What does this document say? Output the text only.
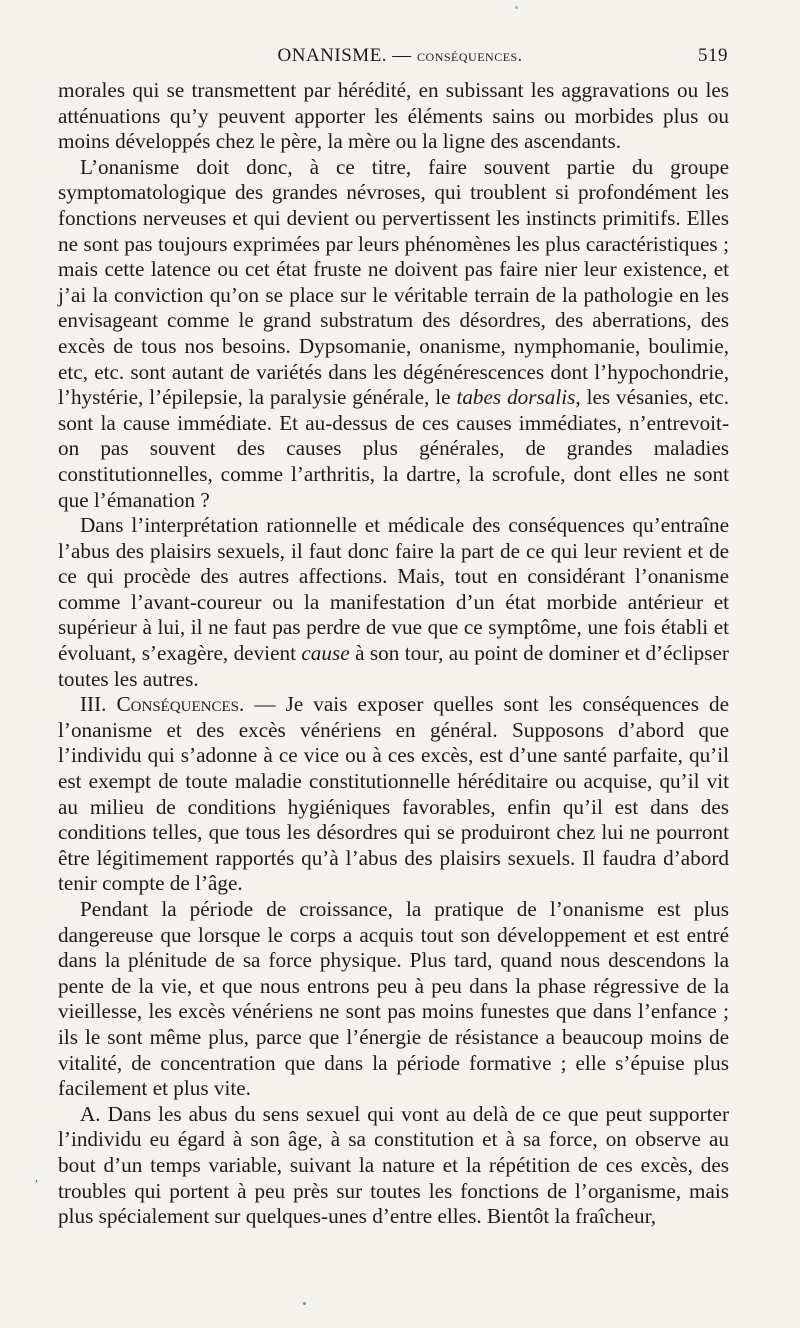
ONANISME. — conséquences.	519

morales qui se transmettent par hérédité, en subissant les aggravations ou les atténuations qu’y peuvent apporter les éléments sains ou morbides plus ou moins développés chez le père, la mère ou la ligne des ascendants.

L’onanisme doit donc, à ce titre, faire souvent partie du groupe symptomatologique des grandes névroses, qui troublent si profondément les fonctions nerveuses et qui devient ou pervertissent les instincts primitifs. Elles ne sont pas toujours exprimées par leurs phénomènes les plus caractéristiques ; mais cette latence ou cet état fruste ne doivent pas faire nier leur existence, et j’ai la conviction qu’on se place sur le véritable terrain de la pathologie en les envisageant comme le grand substratum des désordres, des aberrations, des excès de tous nos besoins. Dypsomanie, onanisme, nymphomanie, boulimie, etc, etc. sont autant de variétés dans les dégénérescences dont l’hypochondrie, l’hystérie, l’épilepsie, la paralysie générale, le tabes dorsalis, les vésanies, etc. sont la cause immédiate. Et au-dessus de ces causes immédiates, n’entrevoit-on pas souvent des causes plus générales, de grandes maladies constitutionnelles, comme l’arthritis, la dartre, la scrofule, dont elles ne sont que l’émanation ?

Dans l’interprétation rationnelle et médicale des conséquences qu’entraîne l’abus des plaisirs sexuels, il faut donc faire la part de ce qui leur revient et de ce qui procède des autres affections. Mais, tout en considérant l’onanisme comme l’avant-coureur ou la manifestation d’un état morbide antérieur et supérieur à lui, il ne faut pas perdre de vue que ce symptôme, une fois établi et évoluant, s’exagère, devient cause à son tour, au point de dominer et d’éclipser toutes les autres.

III. Conséquences. — Je vais exposer quelles sont les conséquences de l’onanisme et des excès vénériens en général. Supposons d’abord que l’individu qui s’adonne à ce vice ou à ces excès, est d’une santé parfaite, qu’il est exempt de toute maladie constitutionnelle héréditaire ou acquise, qu’il vit au milieu de conditions hygiéniques favorables, enfin qu’il est dans des conditions telles, que tous les désordres qui se produiront chez lui ne pourront être légitimement rapportés qu’à l’abus des plaisirs sexuels. Il faudra d’abord tenir compte de l’âge.

Pendant la période de croissance, la pratique de l’onanisme est plus dangereuse que lorsque le corps a acquis tout son développement et est entré dans la plénitude de sa force physique. Plus tard, quand nous descendons la pente de la vie, et que nous entrons peu à peu dans la phase régressive de la vieillesse, les excès vénériens ne sont pas moins funestes que dans l’enfance ; ils le sont même plus, parce que l’énergie de résistance a beaucoup moins de vitalité, de concentration que dans la période formative ; elle s’épuise plus facilement et plus vite.

A. Dans les abus du sens sexuel qui vont au delà de ce que peut supporter l’individu eu égard à son âge, à sa constitution et à sa force, on observe au bout d’un temps variable, suivant la nature et la répétition de ces excès, des troubles qui portent à peu près sur toutes les fonctions de l’organisme, mais plus spécialement sur quelques-unes d’entre elles. Bientôt la fraîcheur,

,
